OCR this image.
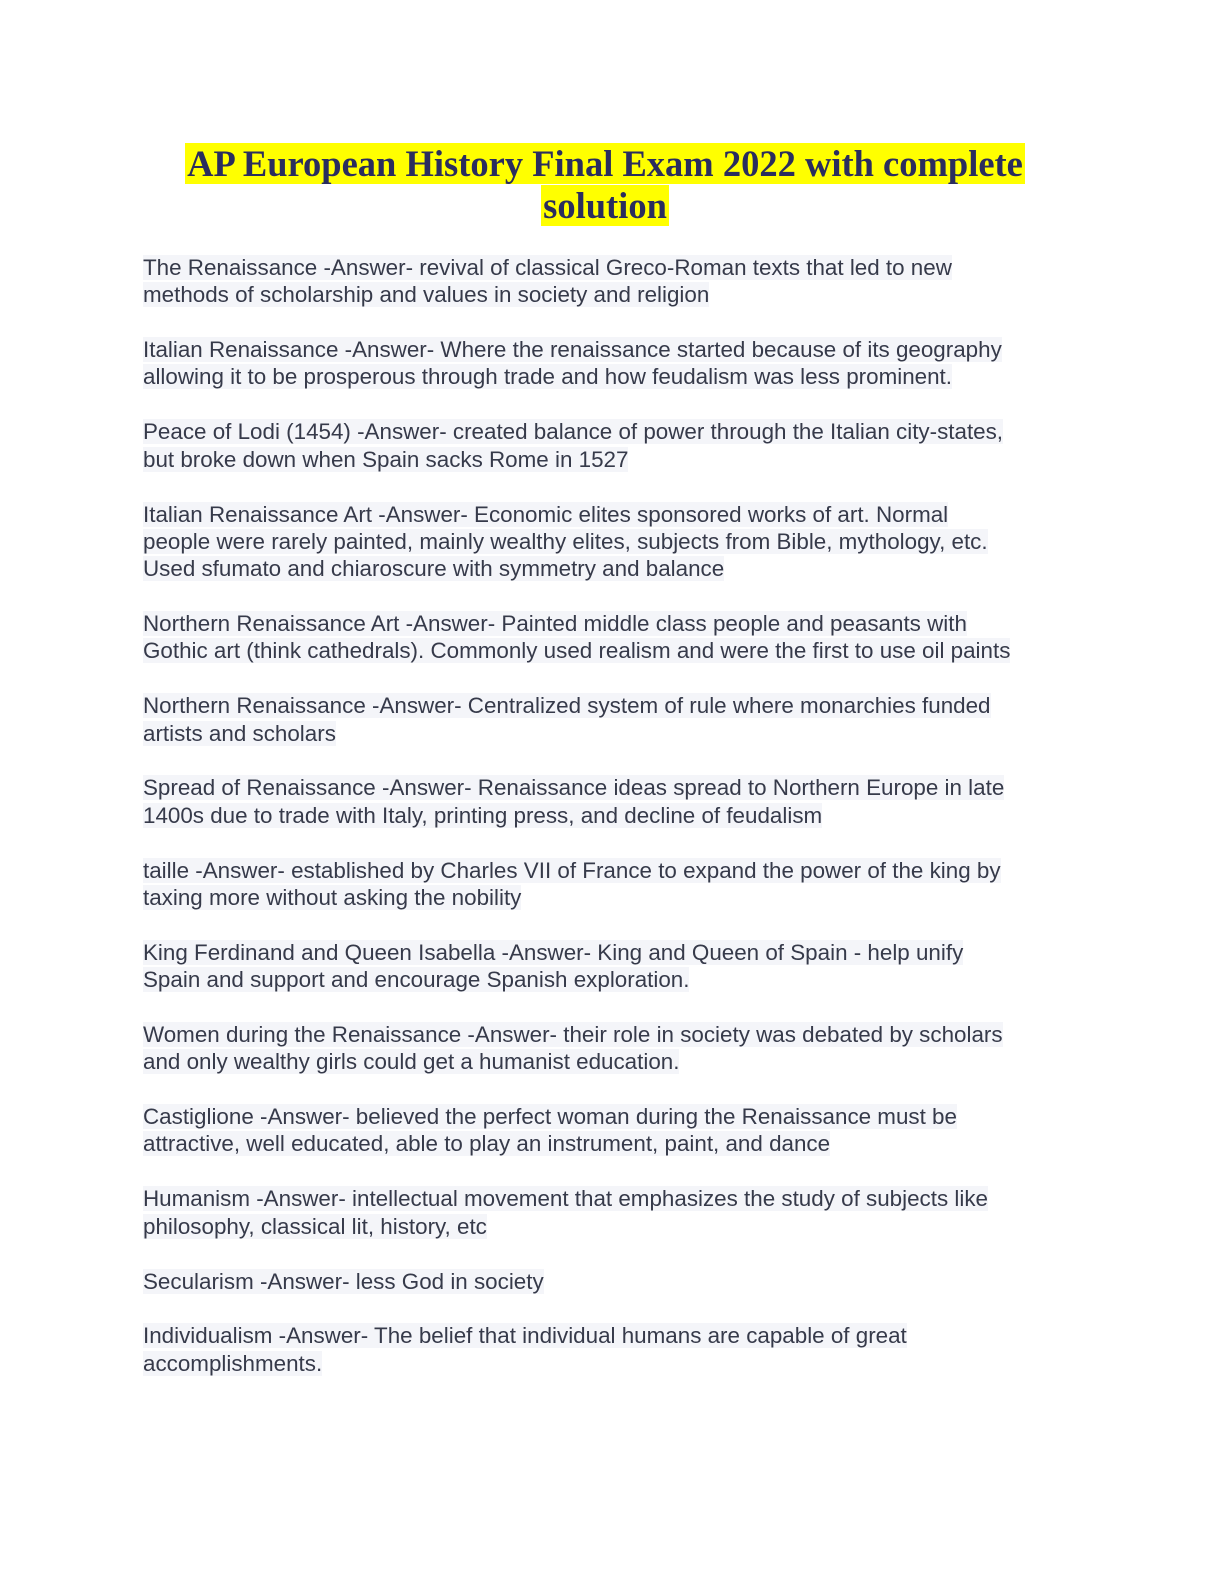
AP European History Final Exam 2022 with complete
solution
The Renaissance -Answer- revival of classical Greco-Roman texts that led to new
methods of scholarship and values in society and religion
Italian Renaissance -Answer- Where the renaissance started because of its geography
allowing it to be prosperous through trade and how feudalism was less prominent.
Peace of Lodi (1454) -Answer- created balance of power through the Italian city-states,
but broke down when Spain sacks Rome in 1527
Italian Renaissance Art -Answer- Economic elites sponsored works of art. Normal
people were rarely painted, mainly wealthy elites, subjects from Bible, mythology, etc.
Used sfumato and chiaroscure with symmetry and balance
Northern Renaissance Art -Answer- Painted middle class people and peasants with
Gothic art (think cathedrals). Commonly used realism and were the first to use oil paints
Northern Renaissance -Answer- Centralized system of rule where monarchies funded
artists and scholars
Spread of Renaissance -Answer- Renaissance ideas spread to Northern Europe in late
1400s due to trade with Italy, printing press, and decline of feudalism
taille -Answer- established by Charles VII of France to expand the power of the king by
taxing more without asking the nobility
King Ferdinand and Queen Isabella -Answer- King and Queen of Spain - help unify
Spain and support and encourage Spanish exploration.
Women during the Renaissance -Answer- their role in society was debated by scholars
and only wealthy girls could get a humanist education.
Castiglione -Answer- believed the perfect woman during the Renaissance must be
attractive, well educated, able to play an instrument, paint, and dance
Humanism -Answer- intellectual movement that emphasizes the study of subjects like
philosophy, classical lit, history, etc
Secularism -Answer- less God in society
Individualism -Answer- The belief that individual humans are capable of great
accomplishments.
